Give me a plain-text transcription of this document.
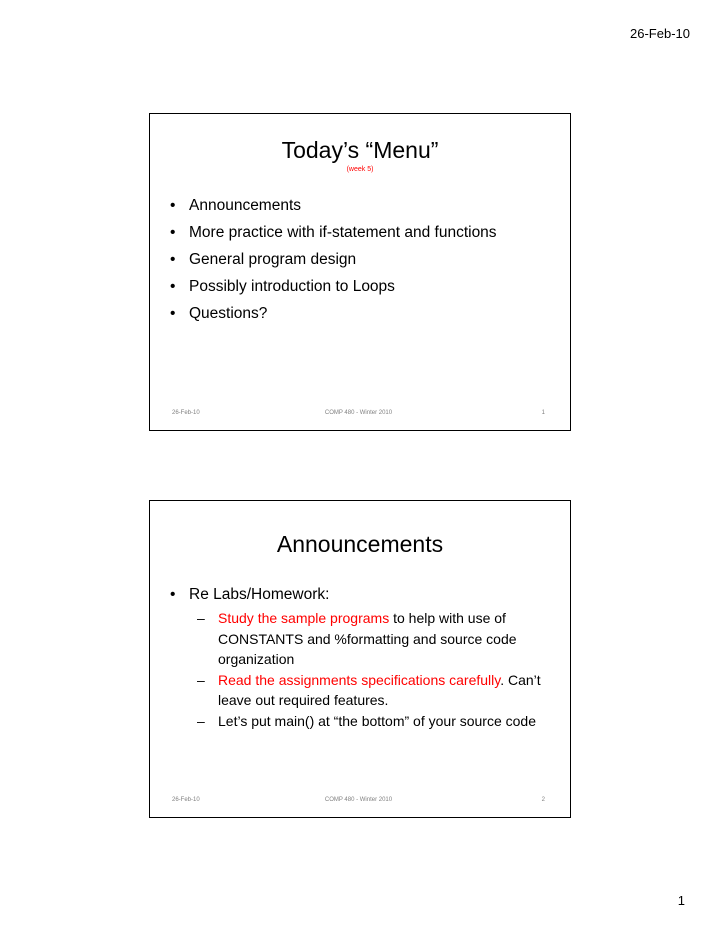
26-Feb-10
Today’s “Menu”
(week 5)
• Announcements
• More practice with if-statement and functions
• General program design
• Possibly introduction to Loops
• Questions?
26-Feb-10	COMP 480 - Winter 2010	1
Announcements
• Re Labs/Homework:
– Study the sample programs to help with use of CONSTANTS and %formatting and source code organization
– Read the assignments specifications carefully. Can’t leave out required features.
– Let’s put main() at “the bottom” of your source code
26-Feb-10	COMP 480 - Winter 2010	2
1
